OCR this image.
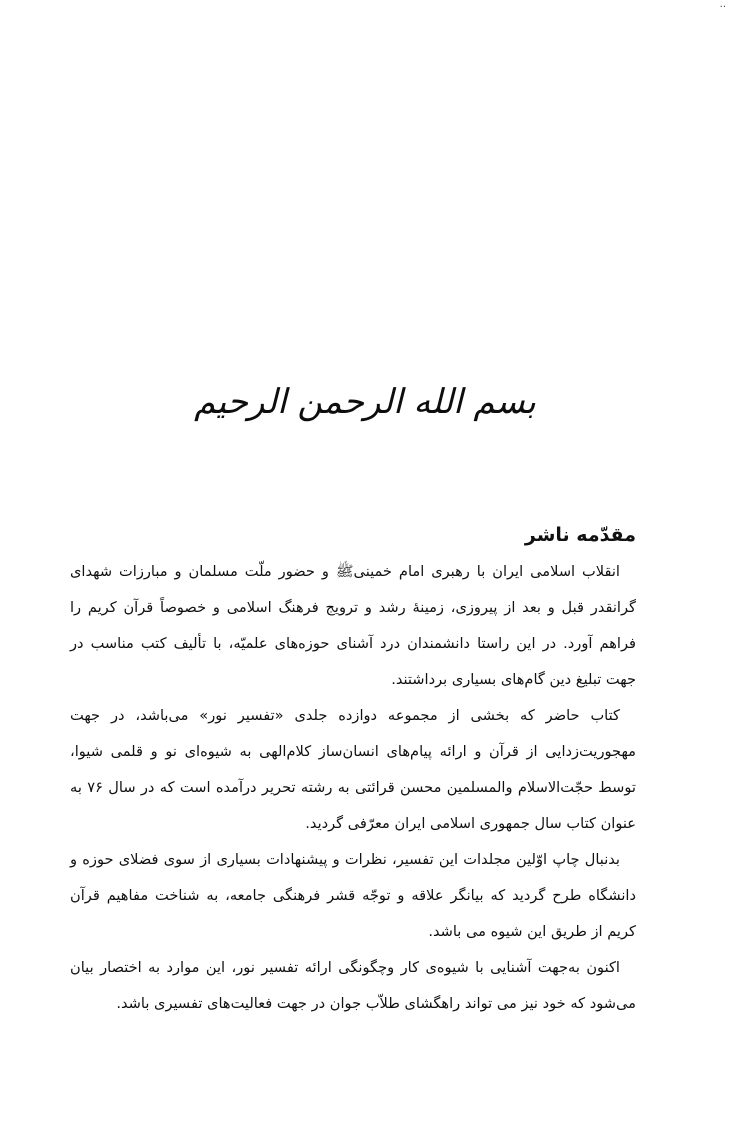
..
بسم الله الرحمن الرحیم
مقدّمه ناشر

انقلاب اسلامی ایران با رهبری امام خمینیﷺ و حضور ملّت مسلمان و مبارزات شهدای گرانقدر قبل و بعد از پیروزی، زمینهٔ رشد و ترویج فرهنگ اسلامی و خصوصاً قرآن کریم را فراهم آورد. در این راستا دانشمندان درد آشنای حوزه‌های علمیّه، با تألیف کتب مناسب در جهت تبلیغ دین گام‌های بسیاری برداشتند.

کتاب حاضر که بخشی از مجموعه دوازده جلدی «تفسیر نور» می‌باشد، در جهت مهجوریت‌زدایی از قرآن و ارائه پیام‌های انسان‌ساز کلام‌الهی به شیوه‌ای نو و قلمی شیوا، توسط حجّت‌الاسلام والمسلمین محسن قرائتی به رشته تحریر درآمده است که در سال ۷۶ به عنوان کتاب سال جمهوری اسلامی ایران معرّفی گردید.

بدنبال چاپ اوّلین مجلدات این تفسیر، نظرات و پیشنهادات بسیاری از سوی فضلای حوزه و دانشگاه طرح گردید که بیانگر علاقه و توجّه قشر فرهنگی جامعه، به شناخت مفاهیم قرآن کریم از طریق این شیوه می باشد.

اکنون به‌جهت آشنایی با شیوه‌ی کار وچگونگی ارائه تفسیر نور، این موارد به اختصار بیان می‌شود که خود نیز می تواند راهگشای طلاّب جوان در جهت فعالیت‌های تفسیری باشد.
